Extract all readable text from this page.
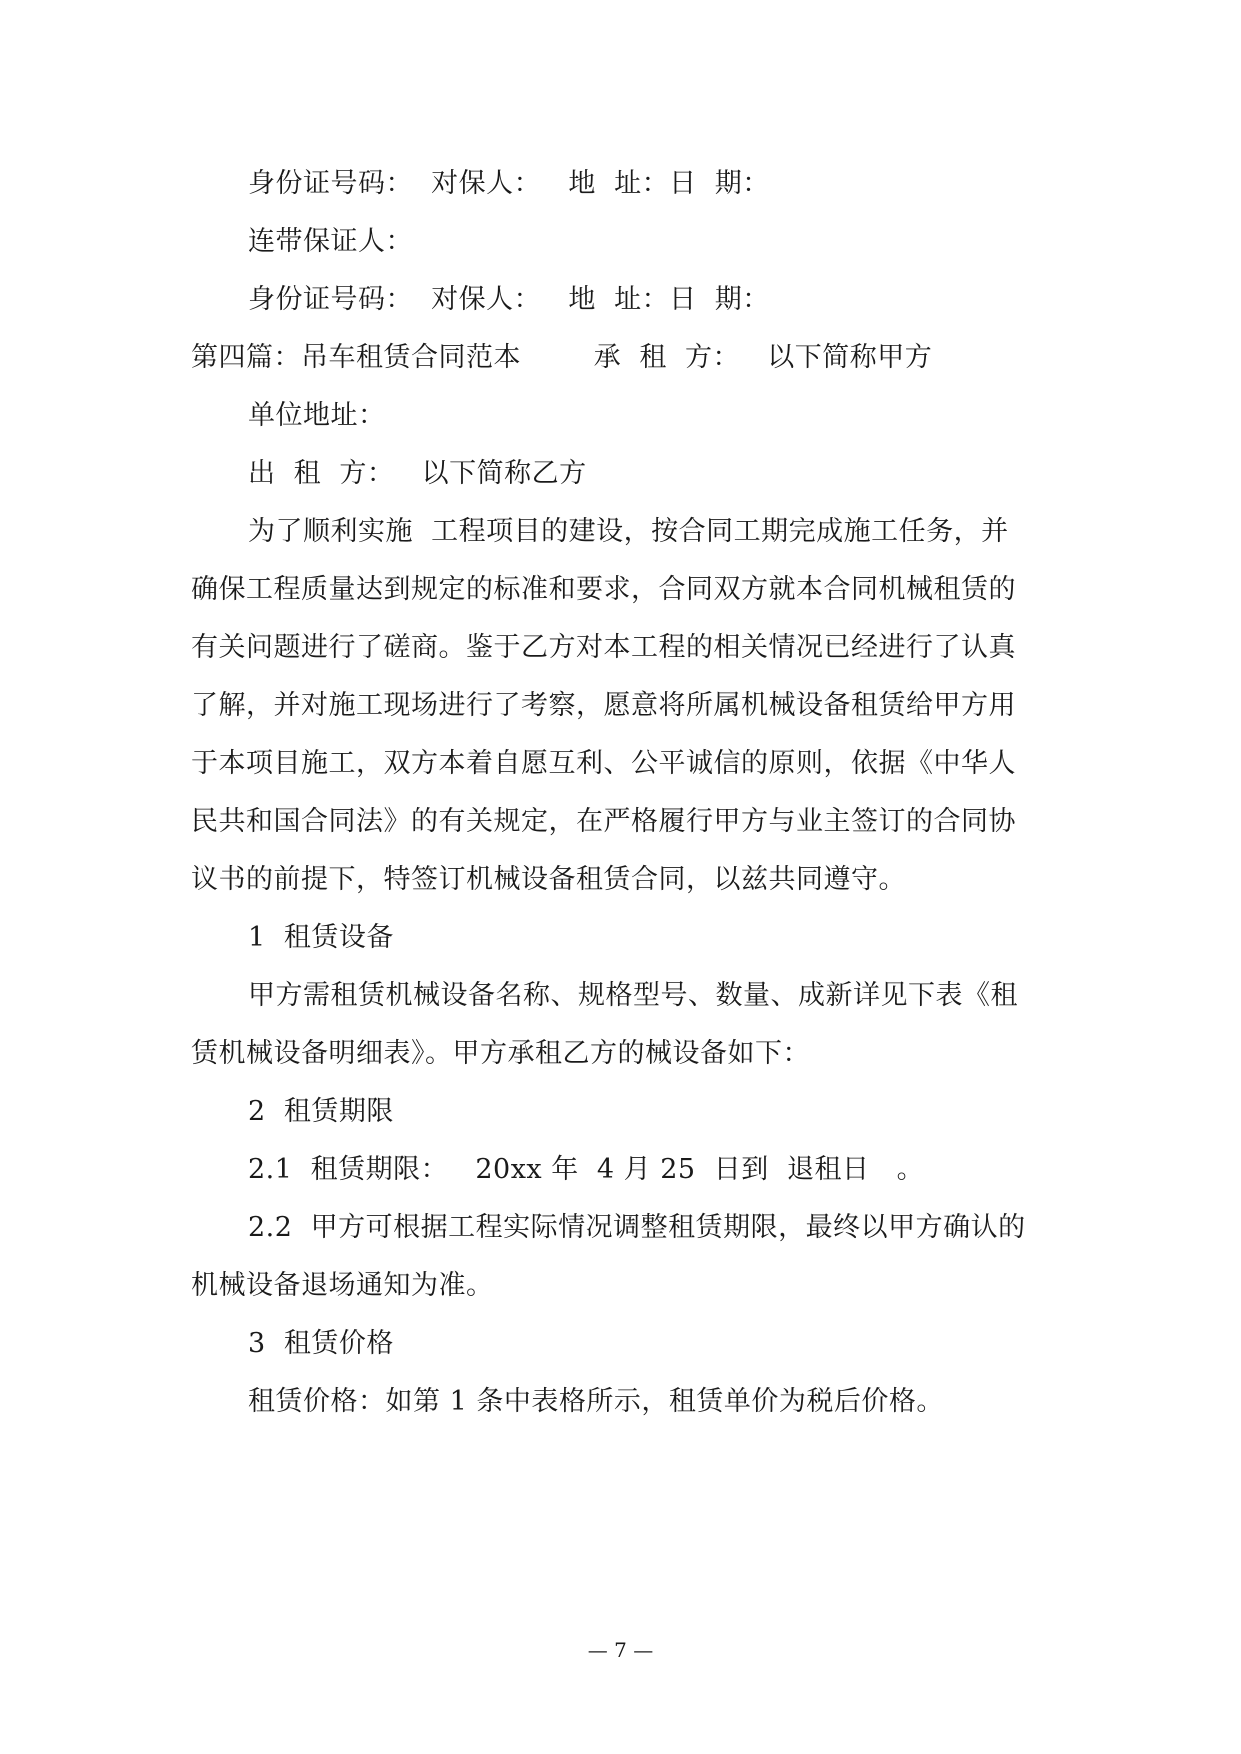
身份证号码：  对保人：   地  址：日  期：
连带保证人：
身份证号码：  对保人：   地  址：日  期：
第四篇：吊车租赁合同范本        承  租  方：   以下简称甲方
单位地址：
出  租  方：   以下简称乙方
为了顺利实施  工程项目的建设，按合同工期完成施工任务，并
确保工程质量达到规定的标准和要求，合同双方就本合同机械租赁的
有关问题进行了磋商。鉴于乙方对本工程的相关情况已经进行了认真
了解，并对施工现场进行了考察，愿意将所属机械设备租赁给甲方用
于本项目施工，双方本着自愿互利、公平诚信的原则，依据《中华人
民共和国合同法》的有关规定，在严格履行甲方与业主签订的合同协
议书的前提下，特签订机械设备租赁合同，以兹共同遵守。
1  租赁设备
甲方需租赁机械设备名称、规格型号、数量、成新详见下表《租
赁机械设备明细表》。甲方承租乙方的械设备如下：
2  租赁期限
2.1  租赁期限：   20xx 年  4 月 25  日到  退租日   。
2.2  甲方可根据工程实际情况调整租赁期限，最终以甲方确认的
机械设备退场通知为准。
3  租赁价格
租赁价格：如第 1 条中表格所示，租赁单价为税后价格。
— 7 —
